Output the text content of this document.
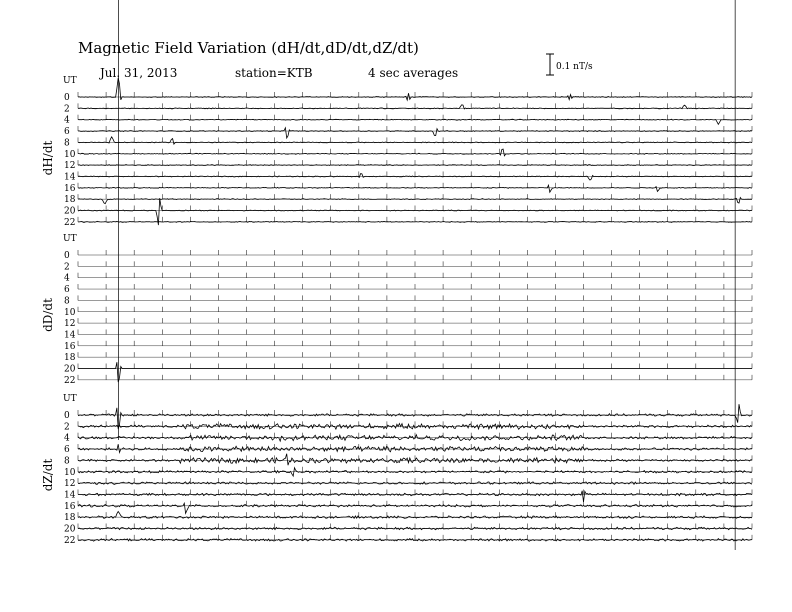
Magnetic Field Variation (dH/dt,dD/dt,dZ/dt)
Jul. 31, 2013	station=KTB	4 sec averages	0.1 nT/s
UT
dH/dt
0
2
4
6
8
10
12
14
16
18
20
22
UT
dD/dt
0
2
4
6
8
10
12
14
16
18
20
22
UT
dZ/dt
0
2
4
6
8
10
12
14
16
18
20
22
